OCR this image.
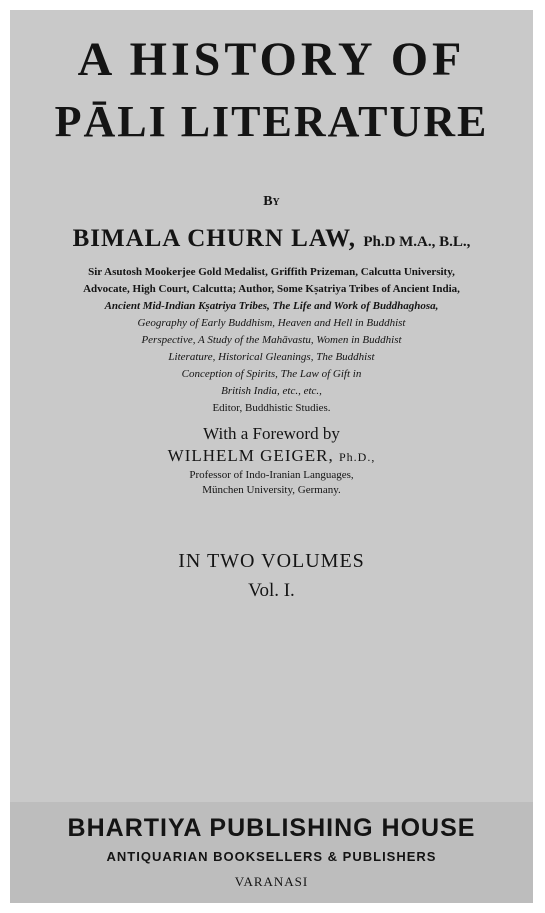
A HISTORY OF
PĀLI LITERATURE
By
BIMALA CHURN LAW, Ph.D M.A., B.L.,
Sir Asutosh Mookerjee Gold Medalist, Griffith Prizeman, Calcutta University,
Advocate, High Court, Calcutta; Author, Some Kṣatriya Tribes of Ancient India,
Ancient Mid-Indian Kṣatriya Tribes, The Life and Work of Buddhaghosa,
Geography of Early Buddhism, Heaven and Hell in Buddhist
Perspective, A Study of the Mahāvastu, Women in Buddhist
Literature, Historical Gleanings, The Buddhist
Conception of Spirits, The Law of Gift in
British India, etc., etc.,
Editor, Buddhistic Studies.
With a Foreword by
WILHELM GEIGER, Ph.D.,
Professor of Indo-Iranian Languages,
München University, Germany.
IN TWO VOLUMES
Vol. I.
BHARTIYA PUBLISHING HOUSE
ANTIQUARIAN BOOKSELLERS & PUBLISHERS
VARANASI
